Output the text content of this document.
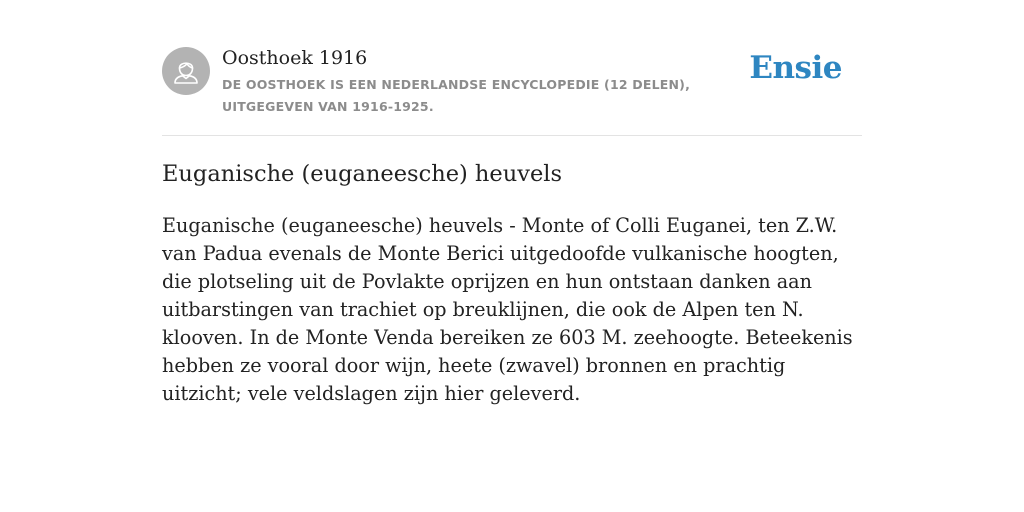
Oosthoek 1916
DE OOSTHOEK IS EEN NEDERLANDSE ENCYCLOPEDIE (12 DELEN), UITGEGEVEN VAN 1916-1925.
Ensie
Euganische (euganeesche) heuvels

Euganische (euganeesche) heuvels - Monte of Colli Euganei, ten Z.W. van Padua evenals de Monte Berici uitgedoofde vulkanische hoogten, die plotseling uit de Povlakte oprijzen en hun ontstaan danken aan uitbarstingen van trachiet op breuklijnen, die ook de Alpen ten N. klooven. In de Monte Venda bereiken ze 603 M. zeehoogte. Beteekenis hebben ze vooral door wijn, heete (zwavel) bronnen en prachtig uitzicht; vele veldslagen zijn hier geleverd.
